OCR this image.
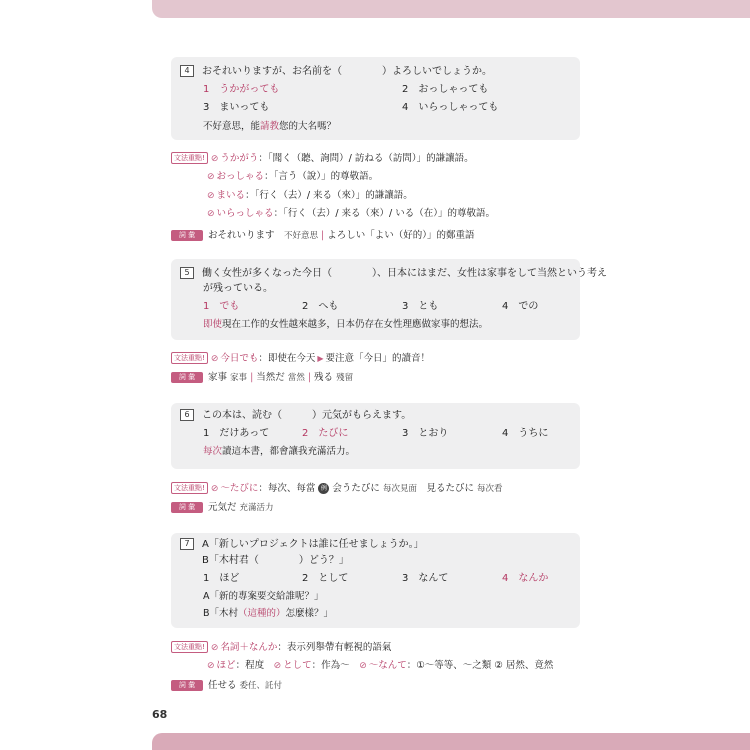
4 おそれいりますが、お名前を（　　　　）よろしいでしょうか。
1　うかがっても	2　おっしゃっても
3　まいっても	4　いらっしゃっても
不好意思，能請教您的大名嗎？
文法重點! ⊘ うかがう：「聞く（聽、詢問）/ 訪ねる（訪問）」的謙讓語。
⊘ おっしゃる：「言う（說）」的尊敬語。
⊘ まいる：「行く（去）/ 来る（來）」的謙讓語。
⊘ いらっしゃる：「行く（去）/ 来る（來）/ いる（在）」的尊敬語。
詞 彙 おそれいります　 不好意思 | よろしい「よい（好的）」的鄭重語
5 働く女性が多くなった今日（　　　　）、日本にはまだ、女性は家事をして当然という考え
が残っている。
1　でも	2　へも	3　とも	4　での
即使現在工作的女性越來越多，日本仍存在女性理應做家事的想法。
文法重點! ⊘ 今日でも：即使在今天 ▶ 要注意「今日」的讀音！
詞 彙 家事 家事 | 当然だ 當然 | 残る 殘留
6 この本は、読む（　　　）元気がもらえます。
1　だけあって	2　たびに	3　とおり	4　うちに
每次讀這本書，都會讓我充滿活力。
文法重點! ⊘ ～たびに：每次、每當 例 会うたびに 每次見面　 見るたびに 每次看
詞 彙 元気だ 充滿活力
7 A「新しいプロジェクトは誰に任せましょうか。」
B「木村君（　　　　）どう？」
1　ほど	2　として	3　なんて	4　なんか
A「新的專案要交給誰呢？」
B「木村（這種的）怎麼樣？」
文法重點! ⊘ 名詞＋なんか：表示列舉帶有輕視的語氣
⊘ ほど：程度　 ⊘ として：作為～　 ⊘ ～なんて：①～等等、～之類 ② 居然、竟然
詞 彙 任せる 委任、託付
68
